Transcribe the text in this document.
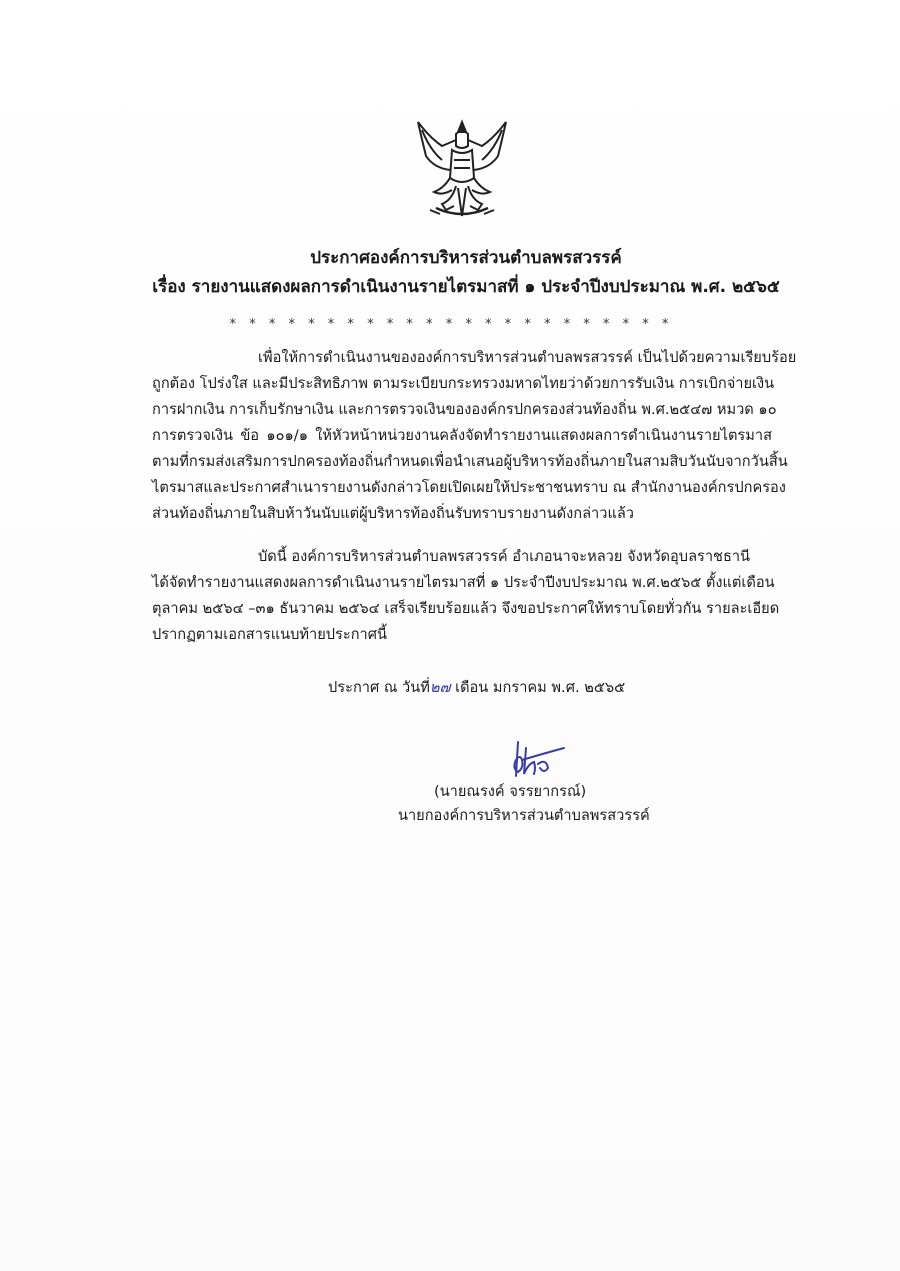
ประกาศองค์การบริหารส่วนตำบลพรสวรรค์
เรื่อง รายงานแสดงผลการดำเนินงานรายไตรมาสที่ ๑ ประจำปีงบประมาณ พ.ศ. ๒๕๖๕
* * * * * * * * * * * * * * * * * * * * * * *
เพื่อให้การดำเนินงานขององค์การบริหารส่วนตำบลพรสวรรค์ เป็นไปด้วยความเรียบร้อย
ถูกต้อง โปร่งใส และมีประสิทธิภาพ ตามระเบียบกระทรวงมหาดไทยว่าด้วยการรับเงิน การเบิกจ่ายเงิน
การฝากเงิน การเก็บรักษาเงิน และการตรวจเงินขององค์กรปกครองส่วนท้องถิ่น พ.ศ.๒๕๔๗ หมวด ๑๐
การตรวจเงิน ข้อ ๑๐๑/๑ ให้หัวหน้าหน่วยงานคลังจัดทำรายงานแสดงผลการดำเนินงานรายไตรมาส
ตามที่กรมส่งเสริมการปกครองท้องถิ่นกำหนดเพื่อนำเสนอผู้บริหารท้องถิ่นภายในสามสิบวันนับจากวันสิ้น
ไตรมาสและประกาศสำเนารายงานดังกล่าวโดยเปิดเผยให้ประชาชนทราบ ณ สำนักงานองค์กรปกครอง
ส่วนท้องถิ่นภายในสิบห้าวันนับแต่ผู้บริหารท้องถิ่นรับทราบรายงานดังกล่าวแล้ว
บัดนี้ องค์การบริหารส่วนตำบลพรสวรรค์ อำเภอนาจะหลวย จังหวัดอุบลราชธานี
ได้จัดทำรายงานแสดงผลการดำเนินงานรายไตรมาสที่ ๑ ประจำปีงบประมาณ พ.ศ.๒๕๖๕ ตั้งแต่เดือน
ตุลาคม ๒๕๖๔ –๓๑ ธันวาคม ๒๕๖๔ เสร็จเรียบร้อยแล้ว จึงขอประกาศให้ทราบโดยทั่วกัน รายละเอียด
ปรากฏตามเอกสารแนบท้ายประกาศนี้
ประกาศ ณ วันที่๒๗ เดือน มกราคม พ.ศ. ๒๕๖๕
(นายณรงค์ จรรยากรณ์)
นายกองค์การบริหารส่วนตำบลพรสวรรค์
